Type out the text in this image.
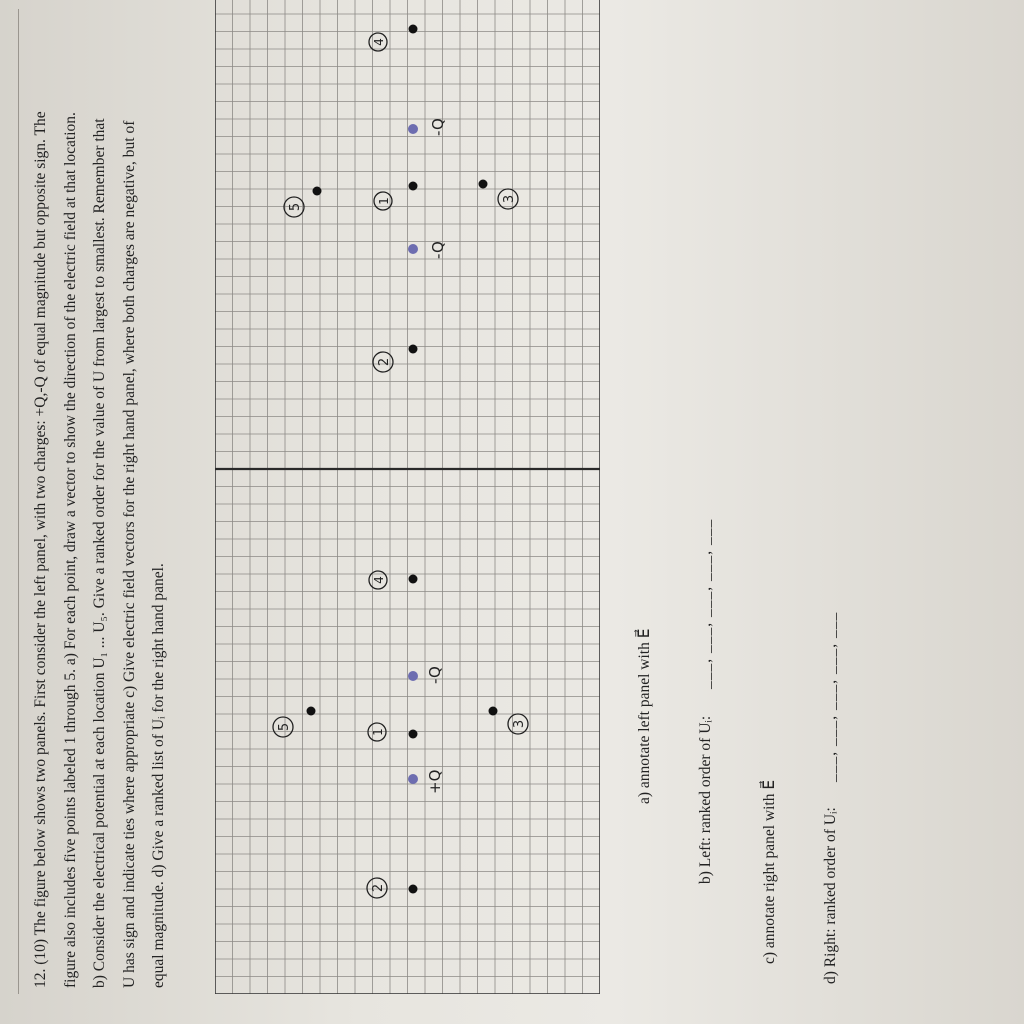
12. (10) The figure below shows two panels. First consider the left panel, with two charges: +Q,-Q of equal magnitude but opposite sign. The figure also includes five points labeled 1 through 5. a) For each point, draw a vector to show the direction of the electric field at that location. b) Consider the electrical potential at each location U₁ ... U₅. Give a ranked order for the value of U from largest to smallest. Remember that U has sign and indicate ties where appropriate c) Give electric field vectors for the right hand panel, where both charges are negative, but of equal magnitude. d) Give a ranked list of Uᵢ for the right hand panel.	2
+Q
1
5	3
-Q
4
2
-Q
5
3
1
-Q
4
a) annotate left panel with E⃗	b) Left: ranked order of Uᵢ:
___, ___, ___, ___, ___
c) annotate right panel with E⃗	d) Right: ranked order of Uᵢ:
___, ___, ___, ___, ___
